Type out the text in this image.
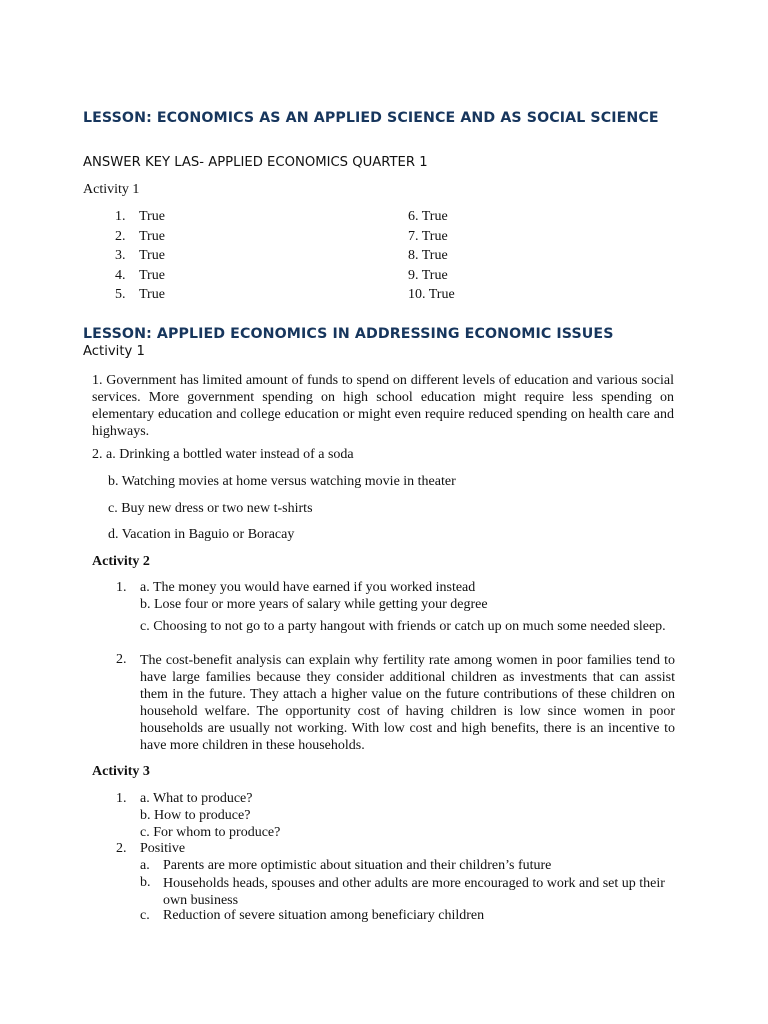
LESSON: ECONOMICS AS AN APPLIED SCIENCE AND AS SOCIAL SCIENCE
ANSWER KEY LAS- APPLIED ECONOMICS QUARTER 1
Activity 1
1. True
2. True
3. True
4. True
5. True
6. True
7. True
8. True
9. True
10. True
LESSON: APPLIED ECONOMICS IN ADDRESSING ECONOMIC ISSUES
Activity 1
1. Government has limited amount of funds to spend on different levels of education and various social services. More government spending on high school education might require less spending on elementary education and college education or might even require reduced spending on health care and highways.
2. a. Drinking a bottled water instead of a soda
b. Watching movies at home versus watching movie in theater
c. Buy new dress or two new t-shirts
d. Vacation in Baguio or Boracay
Activity 2
1. a. The money you would have earned if you worked instead
b. Lose four or more years of salary while getting your degree
c. Choosing to not go to a party hangout with friends or catch up on much some needed sleep.
2. The cost-benefit analysis can explain why fertility rate among women in poor families tend to have large families because they consider additional children as investments that can assist them in the future. They attach a higher value on the future contributions of these children on household welfare. The opportunity cost of having children is low since women in poor households are usually not working. With low cost and high benefits, there is an incentive to have more children in these households.
Activity 3
1. a. What to produce?
b. How to produce?
c. For whom to produce?
2. Positive
a. Parents are more optimistic about situation and their children’s future
b. Households heads, spouses and other adults are more encouraged to work and set up their own business
c. Reduction of severe situation among beneficiary children
